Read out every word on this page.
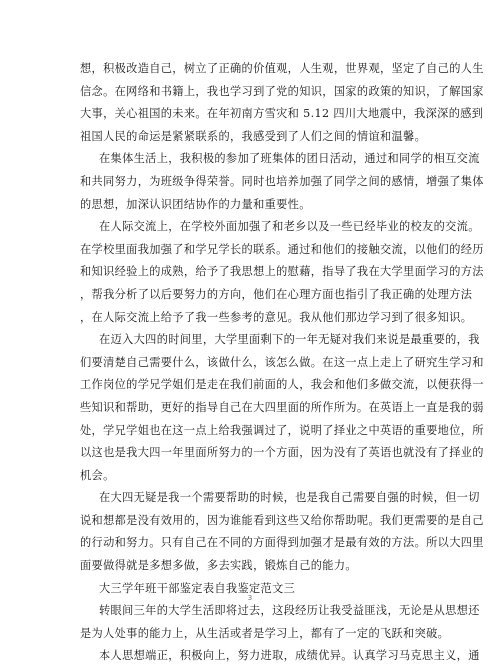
想，积极改造自己，树立了正确的价值观，人生观，世界观，坚定了自己的人生
信念。在网络和书籍上，我也学习到了党的知识，国家的政策的知识，了解国家
大事，关心祖国的未来。在年初南方雪灾和 5.12 四川大地震中，我深深的感到
祖国人民的命运是紧紧联系的，我感受到了人们之间的情谊和温馨。
在集体生活上，我积极的参加了班集体的团日活动，通过和同学的相互交流
和共同努力，为班级争得荣誉。同时也培养加强了同学之间的感情，增强了集体
的思想，加深认识团结协作的力量和重要性。
在人际交流上，在学校外面加强了和老乡以及一些已经毕业的校友的交流。
在学校里面我加强了和学兄学长的联系。通过和他们的接触交流，以他们的经历
和知识经验上的成熟，给予了我思想上的慰藉，指导了我在大学里面学习的方法
，帮我分析了以后要努力的方向，他们在心理方面也指引了我正确的处理方法
，在人际交流上给予了我一些参考的意见。我从他们那边学习到了很多知识。
在迈入大四的时间里，大学里面剩下的一年无疑对我们来说是最重要的，我
们要清楚自己需要什么，该做什么，该怎么做。在这一点上走上了研究生学习和
工作岗位的学兄学姐们是走在我们前面的人，我会和他们多做交流，以便获得一
些知识和帮助，更好的指导自己在大四里面的所作所为。在英语上一直是我的弱
处，学兄学姐也在这一点上给我强调过了，说明了择业之中英语的重要地位，所
以这也是我大四一年里面所努力的一个方面，因为没有了英语也就没有了择业的
机会。
在大四无疑是我一个需要帮助的时候，也是我自己需要自强的时候，但一切
说和想都是没有效用的，因为谁能看到这些又给你帮助呢。我们更需要的是自己
的行动和努力。只有自己在不同的方面得到加强才是最有效的方法。所以大四里
面要做得就是多想多做，多去实践，锻炼自己的能力。
大三学年班干部鉴定表自我鉴定范文三
转眼间三年的大学生活即将过去，这段经历让我受益匪浅，无论是从思想还
是为人处事的能力上，从生活或者是学习上，都有了一定的飞跃和突破。
本人思想端正，积极向上，努力进取，成绩优异。认真学习马克思主义，通
3
